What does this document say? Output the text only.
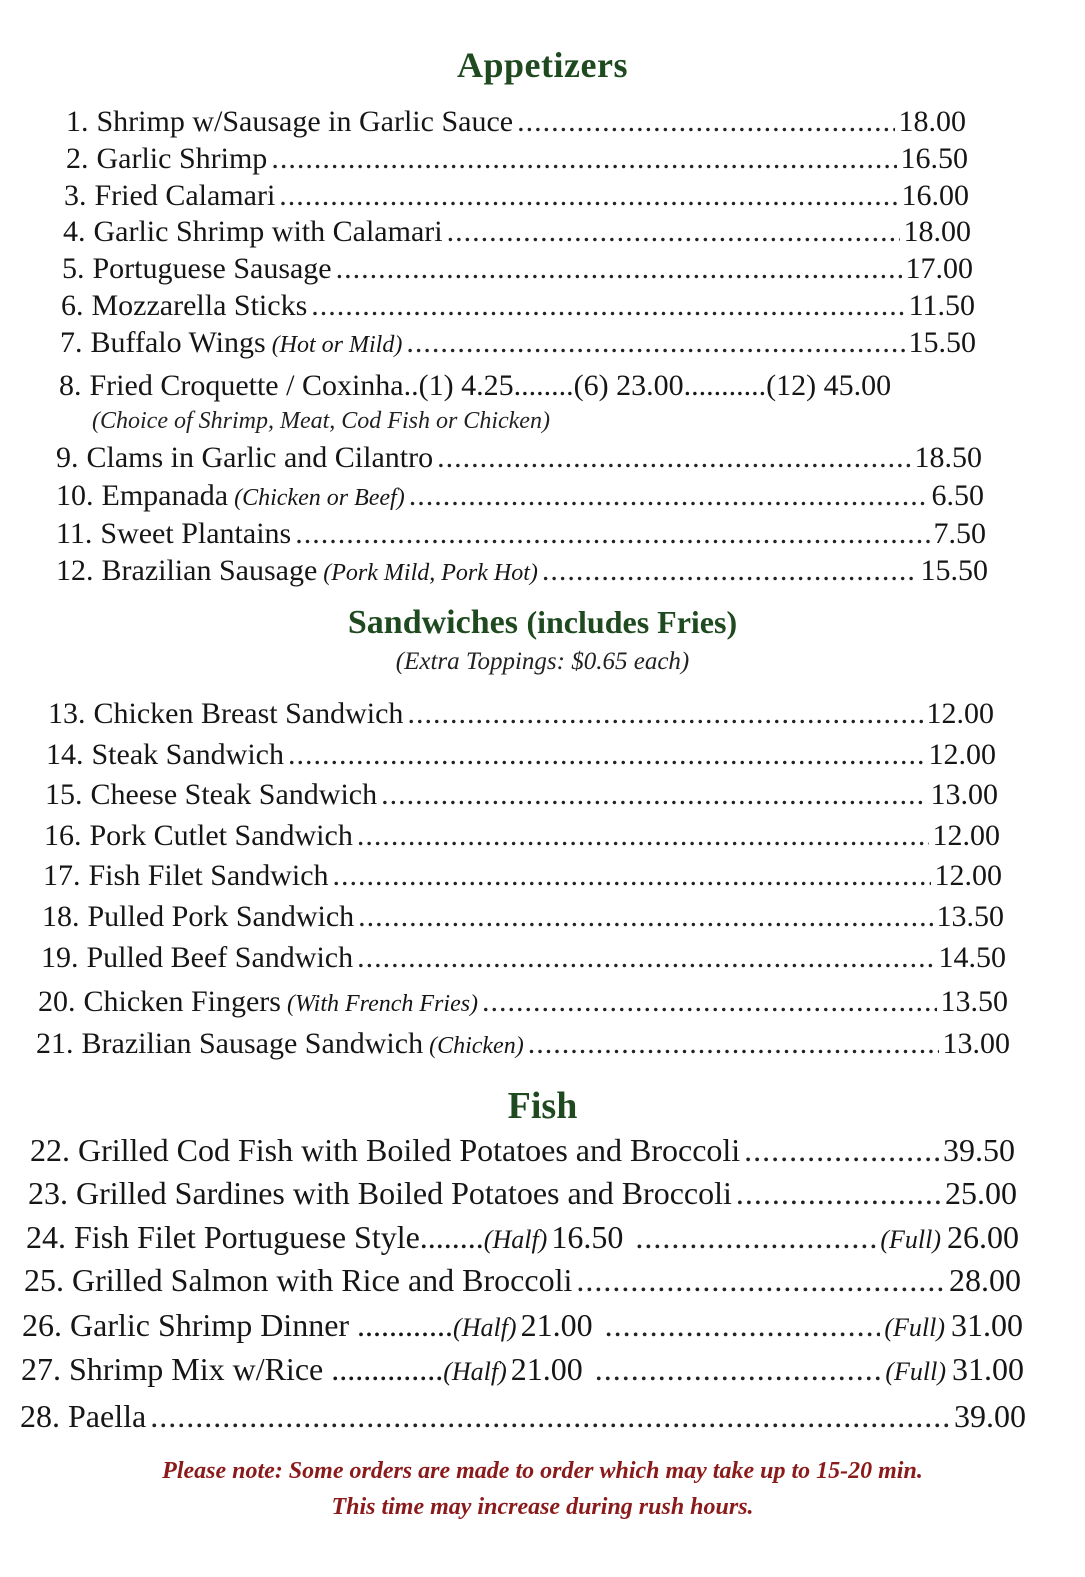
Appetizers
1. Shrimp w/Sausage in Garlic Sauce .....	18.00
2. Garlic Shrimp .....	16.50
3. Fried Calamari .....	16.00
4. Garlic Shrimp with Calamari .....	18.00
5. Portuguese Sausage .....	17.00
6. Mozzarella Sticks .....	11.50
7. Buffalo Wings (Hot or Mild) .....	15.50
8. Fried Croquette / Coxinha..(1) 4.25........(6) 23.00...........(12) 45.00
(Choice of Shrimp, Meat, Cod Fish or Chicken)
9. Clams in Garlic and Cilantro .....	18.50
10. Empanada (Chicken or Beef) .....	6.50
11. Sweet Plantains .....	7.50
12. Brazilian Sausage (Pork Mild, Pork Hot) .....	15.50
Sandwiches (includes Fries)
(Extra Toppings: $0.65 each)
13. Chicken Breast Sandwich .....	12.00
14. Steak Sandwich .....	12.00
15. Cheese Steak Sandwich .....	13.00
16. Pork Cutlet Sandwich .....	12.00
17. Fish Filet Sandwich .....	12.00
18. Pulled Pork Sandwich .....	13.50
19. Pulled Beef Sandwich .....	14.50
20. Chicken Fingers (With French Fries) .....	13.50
21. Brazilian Sausage Sandwich (Chicken) .....	13.00
Fish
22. Grilled Cod Fish with Boiled Potatoes and Broccoli .....	39.50
23. Grilled Sardines with Boiled Potatoes and Broccoli .....	25.00
24. Fish Filet Portuguese Style........ (Half) 16.50 .....	(Full) 26.00
25. Grilled Salmon with Rice and Broccoli .....	28.00
26. Garlic Shrimp Dinner ............ (Half) 21.00 .....	(Full) 31.00
27. Shrimp Mix w/Rice .............. (Half) 21.00 .....	(Full) 31.00
28. Paella .....	39.00
Please note: Some orders are made to order which may take up to 15-20 min.
This time may increase during rush hours.
